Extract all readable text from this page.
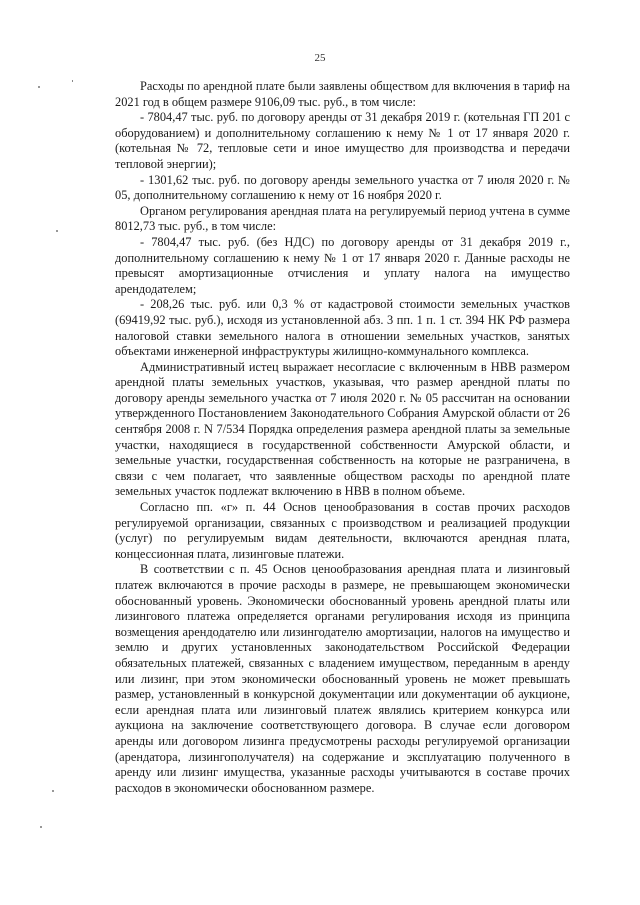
25

Расходы по арендной плате были заявлены обществом для включения в тариф на 2021 год в общем размере 9106,09 тыс. руб., в том числе:

- 7804,47 тыс. руб. по договору аренды от 31 декабря 2019 г. (котельная ГП 201 с оборудованием) и дополнительному соглашению к нему № 1 от 17 января 2020 г. (котельная № 72, тепловые сети и иное имущество для производства и передачи тепловой энергии);

- 1301,62 тыс. руб. по договору аренды земельного участка от 7 июля 2020 г. № 05, дополнительному соглашению к нему от 16 ноября 2020 г.

Органом регулирования арендная плата на регулируемый период учтена в сумме 8012,73 тыс. руб., в том числе:

- 7804,47 тыс. руб. (без НДС) по договору аренды от 31 декабря 2019 г., дополнительному соглашению к нему № 1 от 17 января 2020 г. Данные расходы не превысят амортизационные отчисления и уплату налога на имущество арендодателем;

- 208,26 тыс. руб. или 0,3 % от кадастровой стоимости земельных участков (69419,92 тыс. руб.), исходя из установленной абз. 3 пп. 1 п. 1 ст. 394 НК РФ размера налоговой ставки земельного налога в отношении земельных участков, занятых объектами инженерной инфраструктуры жилищно-коммунального комплекса.

Административный истец выражает несогласие с включенным в НВВ размером арендной платы земельных участков, указывая, что размер арендной платы по договору аренды земельного участка от 7 июля 2020 г. № 05 рассчитан на основании утвержденного Постановлением Законодательного Собрания Амурской области от 26 сентября 2008 г. N 7/534 Порядка определения размера арендной платы за земельные участки, находящиеся в государственной собственности Амурской области, и земельные участки, государственная собственность на которые не разграничена, в связи с чем полагает, что заявленные обществом расходы по арендной плате земельных участок подлежат включению в НВВ в полном объеме.

Согласно пп. «г» п. 44 Основ ценообразования в состав прочих расходов регулируемой организации, связанных с производством и реализацией продукции (услуг) по регулируемым видам деятельности, включаются арендная плата, концессионная плата, лизинговые платежи.

В соответствии с п. 45 Основ ценообразования арендная плата и лизинговый платеж включаются в прочие расходы в размере, не превышающем экономически обоснованный уровень. Экономически обоснованный уровень арендной платы или лизингового платежа определяется органами регулирования исходя из принципа возмещения арендодателю или лизингодателю амортизации, налогов на имущество и землю и других установленных законодательством Российской Федерации обязательных платежей, связанных с владением имуществом, переданным в аренду или лизинг, при этом экономически обоснованный уровень не может превышать размер, установленный в конкурсной документации или документации об аукционе, если арендная плата или лизинговый платеж являлись критерием конкурса или аукциона на заключение соответствующего договора. В случае если договором аренды или договором лизинга предусмотрены расходы регулируемой организации (арендатора, лизингополучателя) на содержание и эксплуатацию полученного в аренду или лизинг имущества, указанные расходы учитываются в составе прочих расходов в экономически обоснованном размере.
